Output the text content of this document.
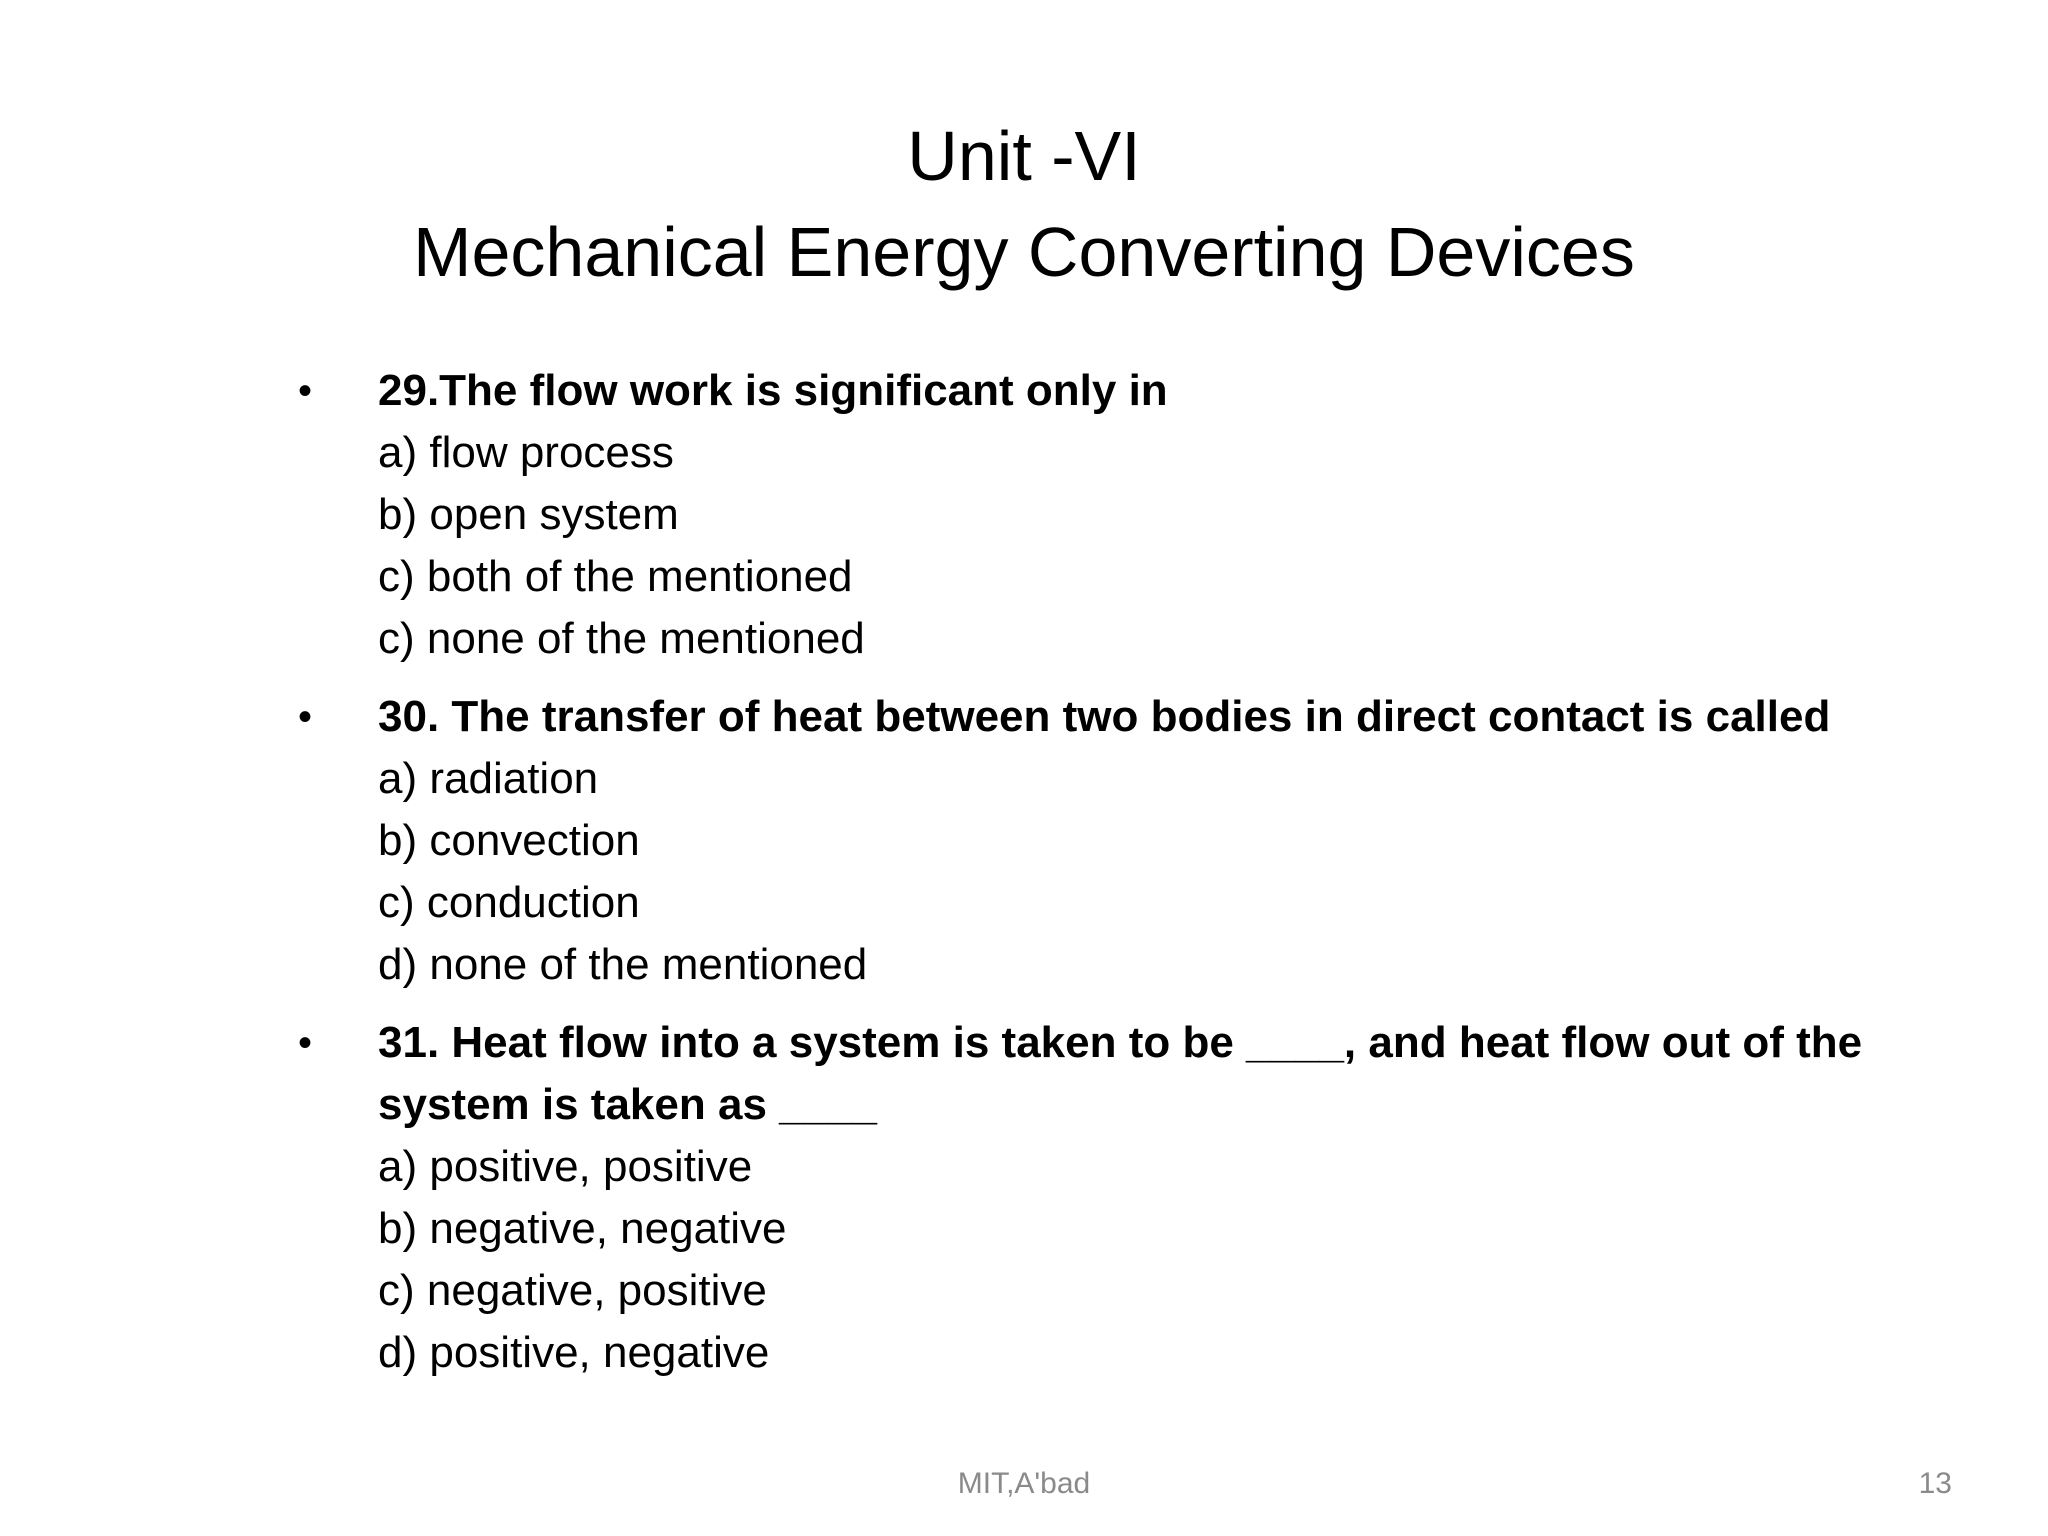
Unit -VI
Mechanical Energy Converting Devices
• 29.The flow work is significant only in
a) flow process
b) open system
c) both of the mentioned
c) none of the mentioned
• 30. The transfer of heat between two bodies in direct contact is called
a) radiation
b) convection
c) conduction
d) none of the mentioned
• 31. Heat flow into a system is taken to be ____, and heat flow out of the system is taken as ____
a) positive, positive
b) negative, negative
c) negative, positive
d) positive, negative
MIT,A'bad	13
